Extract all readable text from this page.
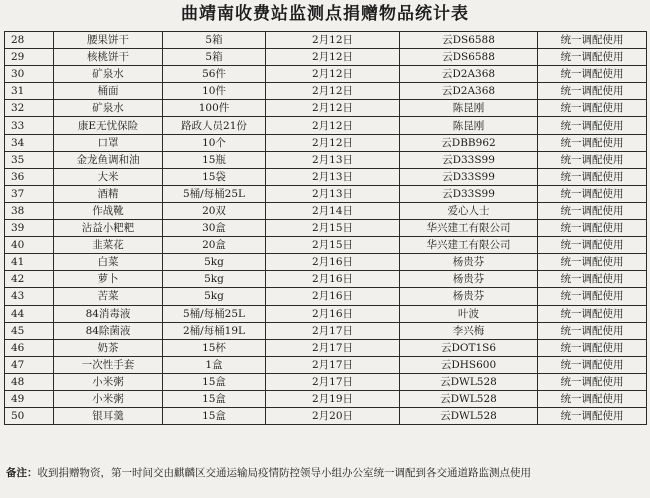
曲靖南收费站监测点捐赠物品统计表
28	腰果饼干	5箱	2月12日	云DS6588	统一调配使用
29	核桃饼干	5箱	2月12日	云DS6588	统一调配使用
30	矿泉水	56件	2月12日	云D2A368	统一调配使用
31	桶面	10件	2月12日	云D2A368	统一调配使用
32	矿泉水	100件	2月12日	陈昆刚	统一调配使用
33	康E无忧保险	路政人员21份	2月12日	陈昆刚	统一调配使用
34	口罩	10个	2月12日	云DBB962	统一调配使用
35	金龙鱼调和油	15瓶	2月13日	云D33S99	统一调配使用
36	大米	15袋	2月13日	云D33S99	统一调配使用
37	酒精	5桶/每桶25L	2月13日	云D33S99	统一调配使用
38	作战靴	20双	2月14日	爱心人士	统一调配使用
39	沾益小粑粑	30盒	2月15日	华兴建工有限公司	统一调配使用
40	韭菜花	20盒	2月15日	华兴建工有限公司	统一调配使用
41	白菜	5kg	2月16日	杨贵芬	统一调配使用
42	萝卜	5kg	2月16日	杨贵芬	统一调配使用
43	苦菜	5kg	2月16日	杨贵芬	统一调配使用
44	84消毒液	5桶/每桶25L	2月16日	叶波	统一调配使用
45	84除菌液	2桶/每桶19L	2月17日	李兴梅	统一调配使用
46	奶茶	15杯	2月17日	云DOT1S6	统一调配使用
47	一次性手套	1盒	2月17日	云DHS600	统一调配使用
48	小米粥	15盒	2月17日	云DWL528	统一调配使用
49	小米粥	15盒	2月19日	云DWL528	统一调配使用
50	银耳羹	15盒	2月20日	云DWL528	统一调配使用
备注：收到捐赠物资，第一时间交由麒麟区交通运输局疫情防控领导小组办公室统一调配到各交通道路监测点使用
